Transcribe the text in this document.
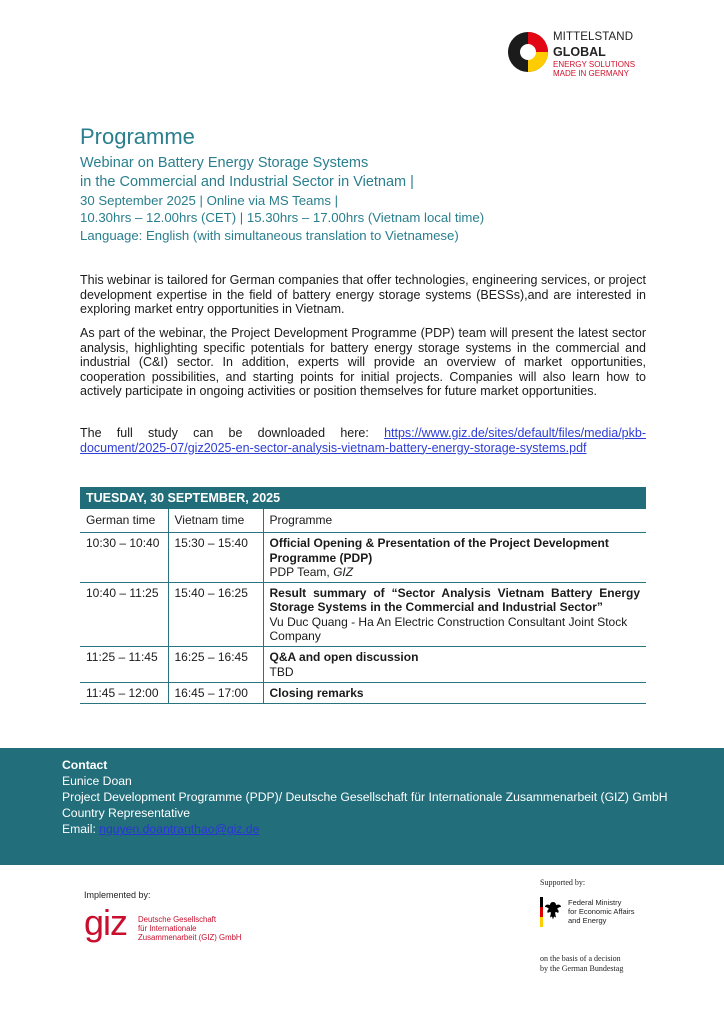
MITTELSTAND
GLOBAL
ENERGY SOLUTIONS
MADE IN GERMANY
Programme
Webinar on Battery Energy Storage Systems
in the Commercial and Industrial Sector in Vietnam |
30 September 2025 | Online via MS Teams |
10.30hrs – 12.00hrs (CET) | 15.30hrs – 17.00hrs (Vietnam local time)
Language: English (with simultaneous translation to Vietnamese)
This webinar is tailored for German companies that offer technologies, engineering services, or project development expertise in the field of battery energy storage systems (BESSs),and are interested in exploring market entry opportunities in Vietnam.
As part of the webinar, the Project Development Programme (PDP) team will present the latest sector analysis, highlighting specific potentials for battery energy storage systems in the commercial and industrial (C&I) sector. In addition, experts will provide an overview of market opportunities, cooperation possibilities, and starting points for initial projects. Companies will also learn how to actively participate in ongoing activities or position themselves for future market opportunities.
The full study can be downloaded here: https://www.giz.de/sites/default/files/media/pkb-document/2025-07/giz2025-en-sector-analysis-vietnam-battery-energy-storage-systems.pdf
TUESDAY, 30 SEPTEMBER, 2025		
German time	Vietnam time	Programme
10:30 – 10:40	15:30 – 15:40	Official Opening & Presentation of the Project Development Programme (PDP)
PDP Team, GIZ

10:40 – 11:25	15:40 – 16:25	Result summary of “Sector Analysis Vietnam Battery Energy Storage Systems in the Commercial and Industrial Sector”
Vu Duc Quang - Ha An Electric Construction Consultant Joint Stock Company

11:25 – 11:45	16:25 – 16:45	Q&A and open discussion
TBD

11:45 – 12:00	16:45 – 17:00	Closing remarks
Contact
Eunice Doan
Project Development Programme (PDP)/ Deutsche Gesellschaft für Internationale Zusammenarbeit (GIZ) GmbH
Country Representative
Email: nguyen.doantranthao@giz.de
Implemented by:
giz Deutsche Gesellschaft
für Internationale
Zusammenarbeit (GIZ) GmbH
Supported by:
Federal Ministry
for Economic Affairs
and Energy
on the basis of a decision
by the German Bundestag
